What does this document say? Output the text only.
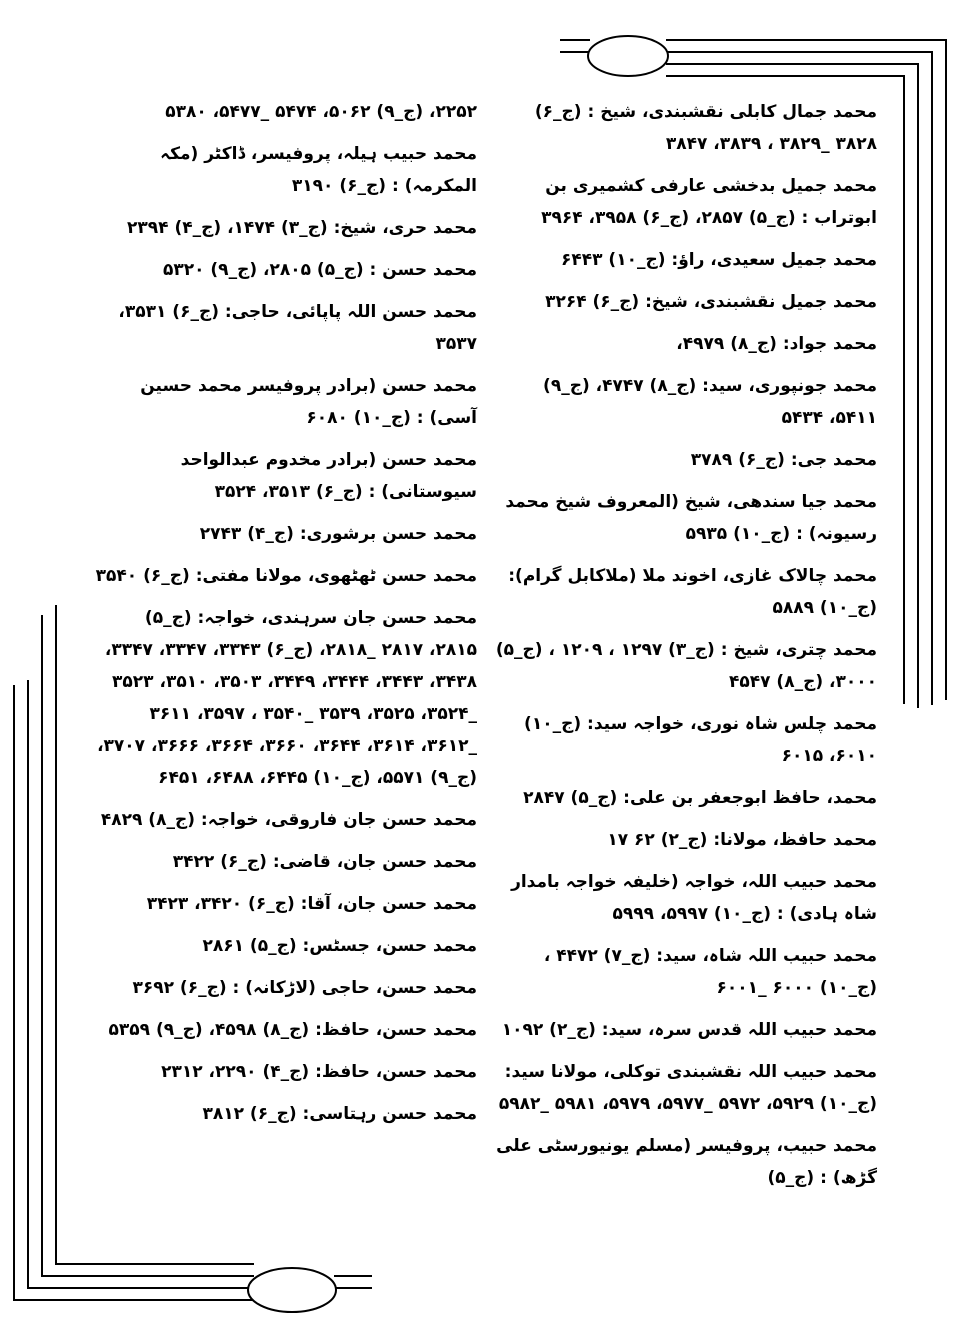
محمد جمال کابلی نقشبندی، شیخ : (ج_۶) ۳۸۲۸ _۳۸۲۹ ، ۳۸۳۹، ۳۸۴۷

محمد جمیل بدخشی عارفی کشمیری بن ابوتراب : (ج_۵) ۲۸۵۷، (ج_۶) ۳۹۵۸، ۳۹۶۴

محمد جمیل سعیدی، راؤ: (ج_۱۰) ۶۴۴۳

محمد جمیل نقشبندی، شیخ: (ج_۶) ۳۲۶۴

محمد جواد: (ج_۸) ۴۹۷۹،

محمد جونپوری، سید: (ج_۸) ۴۷۴۷، (ج_۹) ۵۴۱۱، ۵۴۳۴

محمد جی: (ج_۶) ۳۷۸۹

محمد جیا سندھی، شیخ (المعروف شیخ محمد رسیونہ) : (ج_۱۰) ۵۹۳۵

محمد چالاک غازی، اخوند ملا (ملاکابل گرام): (ج_۱۰) ۵۸۸۹

محمد چتری، شیخ : (ج_۳) ۱۲۹۷ ، ۱۲۰۹ ، (ج_۵) ۳۰۰۰، (ج_۸) ۴۵۴۷

محمد چلس شاہ نوری، خواجہ سید: (ج_۱۰) ۶۰۱۰، ۶۰۱۵

محمد، حافظ ابوجعفر بن علی: (ج_۵) ۲۸۴۷

محمد حافظ، مولانا: (ج_۲) ۶۲ ۱۷

محمد حبیب اللہ، خواجہ (خلیفہ خواجہ بامدار شاہ ہادی) : (ج_۱۰) ۵۹۹۷، ۵۹۹۹

محمد حبیب اللہ شاہ، سید: (ج_۷) ۴۴۷۲ ، (ج_۱۰) ۶۰۰۰ _۶۰۰۱

محمد حبیب اللہ قدس سرہ، سید: (ج_۲) ۱۰۹۲

محمد حبیب اللہ نقشبندی توکلی، مولانا سید: (ج_۱۰) ۵۹۲۹، ۵۹۷۲ _۵۹۷۷، ۵۹۷۹، ۵۹۸۱ _۵۹۸۲

محمد حبیب، پروفیسر (مسلم یونیورسٹی علی گڑھ) : (ج_۵)

۲۲۵۲، (ج_۹) ۵۰۶۲، ۵۴۷۴ _۵۴۷۷، ۵۳۸۰

محمد حبیب ہیلہ، پروفیسر، ڈاکٹر (مکہ المکرمہ) : (ج_۶) ۳۱۹۰

محمد حری، شیخ: (ج_۳) ۱۴۷۴، (ج_۴) ۲۳۹۴

محمد حسن : (ج_۵) ۲۸۰۵، (ج_۹) ۵۳۲۰

محمد حسن اللہ پاپائی، حاجی: (ج_۶) ۳۵۳۱، ۳۵۳۷

محمد حسن (برادر پروفیسر محمد حسین آسی) : (ج_۱۰) ۶۰۸۰

محمد حسن (برادر مخدوم عبدالواحد سیوستانی) : (ج_۶) ۳۵۱۳، ۳۵۲۴

محمد حسن برشوری: (ج_۴) ۲۷۴۳

محمد حسن ٹھٹھوی، مولانا مفتی: (ج_۶) ۳۵۴۰

محمد حسن جان سرہندی، خواجہ: (ج_۵) ۲۸۱۵، ۲۸۱۷ _۲۸۱۸، (ج_۶) ۳۳۴۳، ۳۳۴۷، ۳۳۴۷، ۳۴۳۸، ۳۴۴۳، ۳۴۴۴، ۳۴۴۹، ۳۵۰۳، ۳۵۱۰، ۳۵۲۳ _۳۵۲۴، ۳۵۲۵، ۳۵۳۹ _۳۵۴۰ ، ۳۵۹۷، ۳۶۱۱ _۳۶۱۲، ۳۶۱۴، ۳۶۴۴، ۳۶۶۰، ۳۶۶۴، ۳۶۶۶، ۳۷۰۷، (ج_۹) ۵۵۷۱، (ج_۱۰) ۶۴۴۵، ۶۴۸۸، ۶۴۵۱

محمد حسن جان فاروقی، خواجہ: (ج_۸) ۴۸۲۹

محمد حسن جان، قاضی: (ج_۶) ۳۴۲۲

محمد حسن جان، آقا: (ج_۶) ۳۴۲۰، ۳۴۲۳

محمد حسن، جسٹس: (ج_۵) ۲۸۶۱

محمد حسن، حاجی (لاڑکانہ) : (ج_۶) ۳۶۹۲

محمد حسن، حافظ: (ج_۸) ۴۵۹۸، (ج_۹) ۵۳۵۹

محمد حسن، حافظ: (ج_۴) ۲۲۹۰، ۲۳۱۲

محمد حسن رہتاسی: (ج_۶) ۳۸۱۲
